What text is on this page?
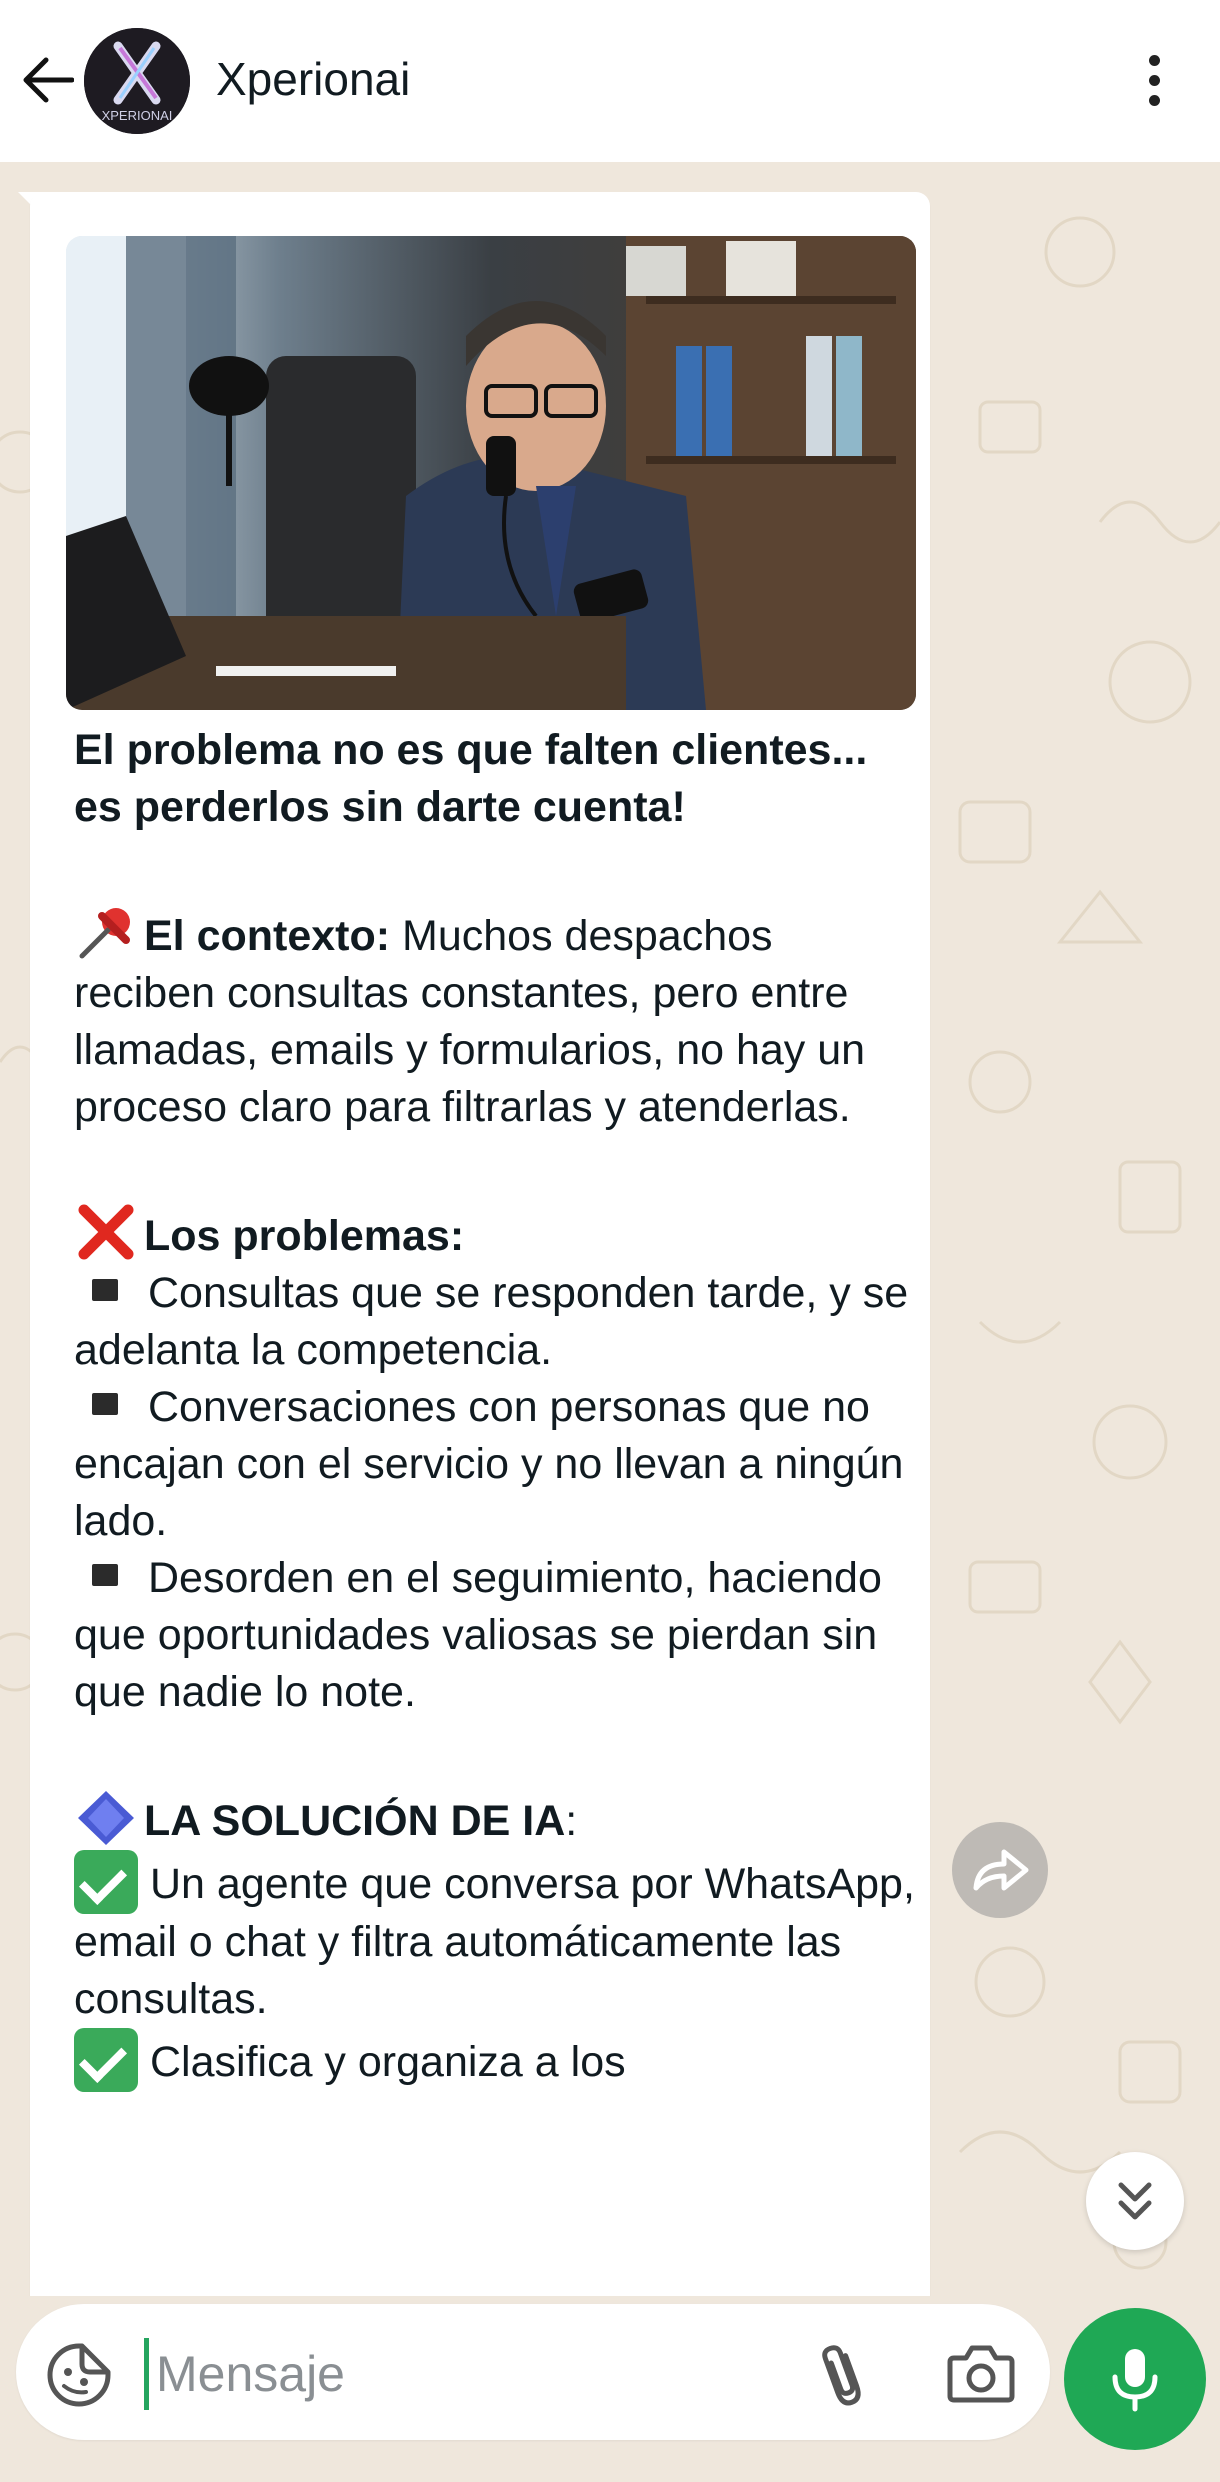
XPERIONAI
Xperionai
El problema no es que falten clientes... es perderlos sin darte cuenta!
El contexto: Muchos despachos reciben consultas constantes, pero entre llamadas, emails y formularios, no hay un proceso claro para filtrarlas y atenderlas.
Los problemas:
Consultas que se responden tarde, y se adelanta la competencia.
Conversaciones con personas que no encajan con el servicio y no llevan a ningún lado.
Desorden en el seguimiento, haciendo que oportunidades valiosas se pierdan sin que nadie lo note.
LA SOLUCIÓN DE IA:
Un agente que conversa por WhatsApp, email o chat y filtra automáticamente las consultas.
Clasifica y organiza a los
Mensaje
